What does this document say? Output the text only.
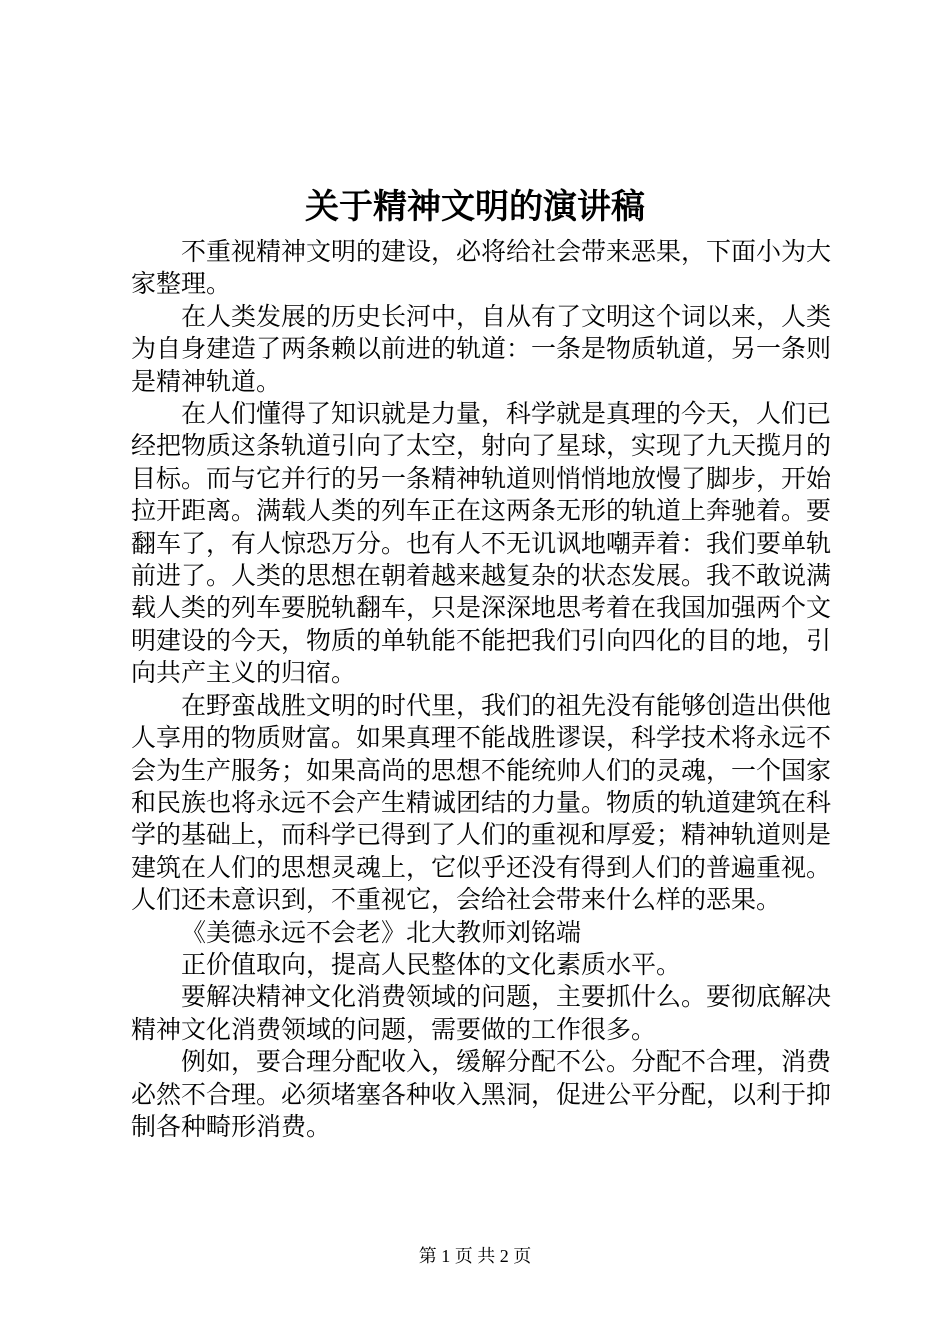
关于精神文明的演讲稿

不重视精神文明的建设，必将给社会带来恶果，下面小为大家整理。

在人类发展的历史长河中，自从有了文明这个词以来，人类为自身建造了两条赖以前进的轨道：一条是物质轨道，另一条则是精神轨道。

在人们懂得了知识就是力量，科学就是真理的今天，人们已经把物质这条轨道引向了太空，射向了星球，实现了九天揽月的目标。而与它并行的另一条精神轨道则悄悄地放慢了脚步，开始拉开距离。满载人类的列车正在这两条无形的轨道上奔驰着。要翻车了，有人惊恐万分。也有人不无讥讽地嘲弄着：我们要单轨前进了。人类的思想在朝着越来越复杂的状态发展。我不敢说满载人类的列车要脱轨翻车，只是深深地思考着在我国加强两个文明建设的今天，物质的单轨能不能把我们引向四化的目的地，引向共产主义的归宿。

在野蛮战胜文明的时代里，我们的祖先没有能够创造出供他人享用的物质财富。如果真理不能战胜谬误，科学技术将永远不会为生产服务；如果高尚的思想不能统帅人们的灵魂，一个国家和民族也将永远不会产生精诚团结的力量。物质的轨道建筑在科学的基础上，而科学已得到了人们的重视和厚爱；精神轨道则是建筑在人们的思想灵魂上，它似乎还没有得到人们的普遍重视。人们还未意识到，不重视它，会给社会带来什么样的恶果。

《美德永远不会老》北大教师刘铭端

正价值取向，提高人民整体的文化素质水平。

要解决精神文化消费领域的问题，主要抓什么。要彻底解决精神文化消费领域的问题，需要做的工作很多。

例如，要合理分配收入，缓解分配不公。分配不合理，消费必然不合理。必须堵塞各种收入黑洞，促进公平分配，以利于抑制各种畸形消费。

第 1 页 共 2 页
